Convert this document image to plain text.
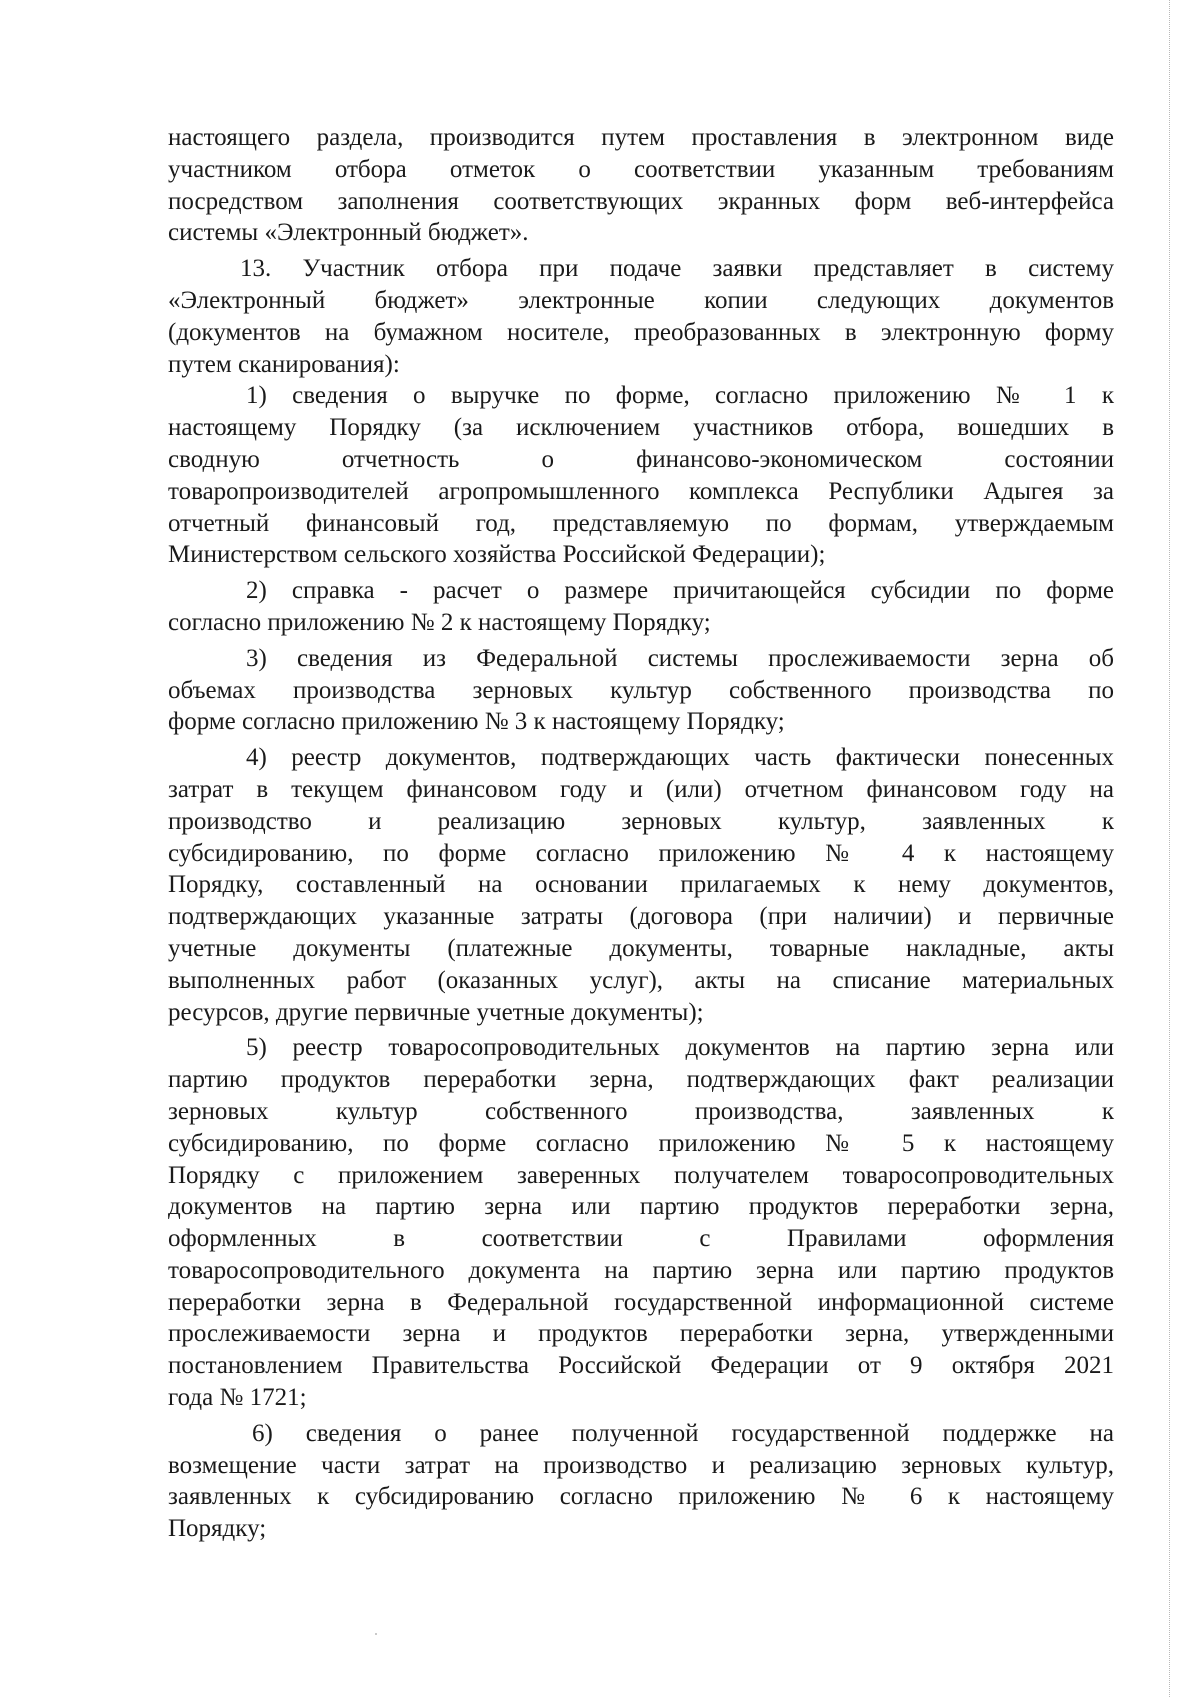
настоящего раздела, производится путем проставления в электронном виде
участником отбора отметок о соответствии указанным требованиям
посредством заполнения соответствующих экранных форм веб-интерфейса
системы «Электронный бюджет».
13. Участник отбора при подаче заявки представляет в систему
«Электронный бюджет» электронные копии следующих документов
(документов на бумажном носителе, преобразованных в электронную форму
путем сканирования):
1) сведения о выручке по форме, согласно приложению № 1 к
настоящему Порядку (за исключением участников отбора, вошедших в
сводную отчетность о финансово-экономическом состоянии
товаропроизводителей агропромышленного комплекса Республики Адыгея за
отчетный финансовый год, представляемую по формам, утверждаемым
Министерством сельского хозяйства Российской Федерации);
2) справка - расчет о размере причитающейся субсидии по форме
согласно приложению № 2 к настоящему Порядку;
3) сведения из Федеральной системы прослеживаемости зерна об
объемах производства зерновых культур собственного производства по
форме согласно приложению № 3 к настоящему Порядку;
4) реестр документов, подтверждающих часть фактически понесенных
затрат в текущем финансовом году и (или) отчетном финансовом году на
производство и реализацию зерновых культур, заявленных к
субсидированию, по форме согласно приложению № 4 к настоящему
Порядку, составленный на основании прилагаемых к нему документов,
подтверждающих указанные затраты (договора (при наличии) и первичные
учетные документы (платежные документы, товарные накладные, акты
выполненных работ (оказанных услуг), акты на списание материальных
ресурсов, другие первичные учетные документы);
5) реестр товаросопроводительных документов на партию зерна или
партию продуктов переработки зерна, подтверждающих факт реализации
зерновых культур собственного производства, заявленных к
субсидированию, по форме согласно приложению № 5 к настоящему
Порядку с приложением заверенных получателем товаросопроводительных
документов на партию зерна или партию продуктов переработки зерна,
оформленных в соответствии с Правилами оформления
товаросопроводительного документа на партию зерна или партию продуктов
переработки зерна в Федеральной государственной информационной системе
прослеживаемости зерна и продуктов переработки зерна, утвержденными
постановлением Правительства Российской Федерации от 9 октября 2021
года № 1721;
6) сведения о ранее полученной государственной поддержке на
возмещение части затрат на производство и реализацию зерновых культур,
заявленных к субсидированию согласно приложению № 6 к настоящему
Порядку;
